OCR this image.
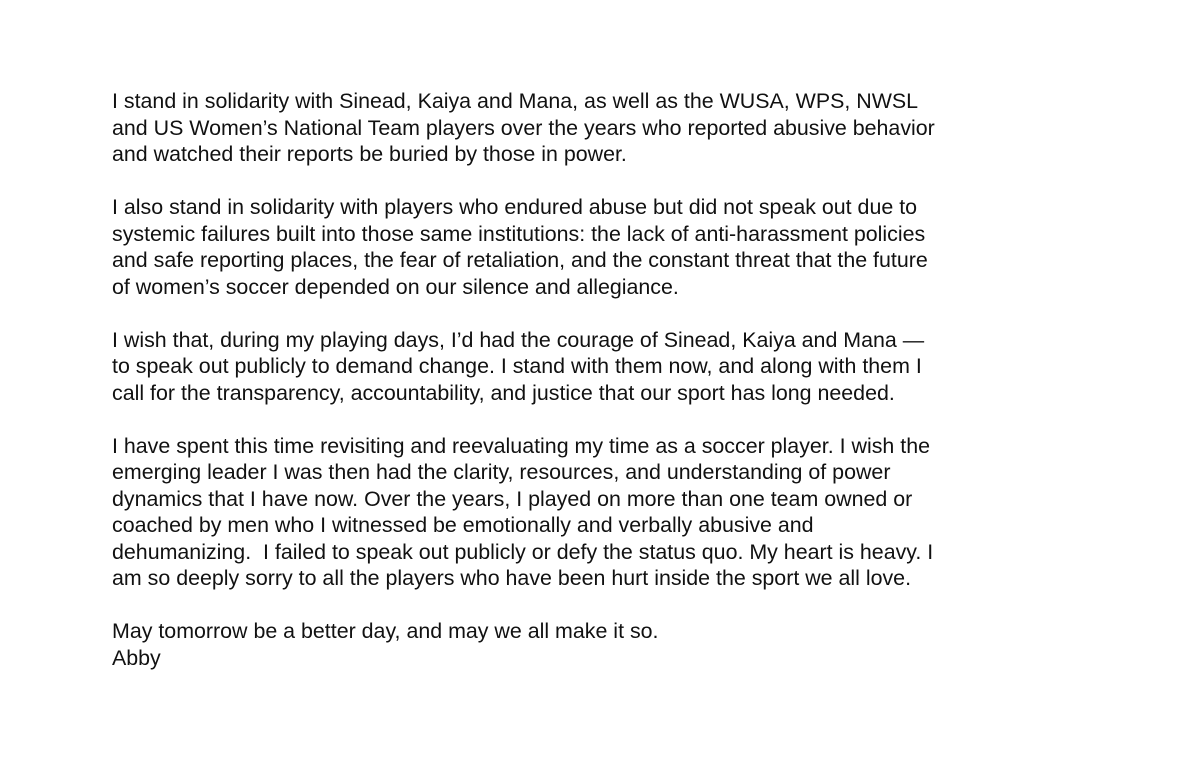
I stand in solidarity with Sinead, Kaiya and Mana, as well as the WUSA, WPS, NWSL
and US Women’s National Team players over the years who reported abusive behavior
and watched their reports be buried by those in power.

I also stand in solidarity with players who endured abuse but did not speak out due to
systemic failures built into those same institutions: the lack of anti-harassment policies
and safe reporting places, the fear of retaliation, and the constant threat that the future
of women’s soccer depended on our silence and allegiance.

I wish that, during my playing days, I’d had the courage of Sinead, Kaiya and Mana —
to speak out publicly to demand change. I stand with them now, and along with them I
call for the transparency, accountability, and justice that our sport has long needed.

I have spent this time revisiting and reevaluating my time as a soccer player. I wish the
emerging leader I was then had the clarity, resources, and understanding of power
dynamics that I have now. Over the years, I played on more than one team owned or
coached by men who I witnessed be emotionally and verbally abusive and
dehumanizing.  I failed to speak out publicly or defy the status quo. My heart is heavy. I
am so deeply sorry to all the players who have been hurt inside the sport we all love.

May tomorrow be a better day, and may we all make it so.
Abby
